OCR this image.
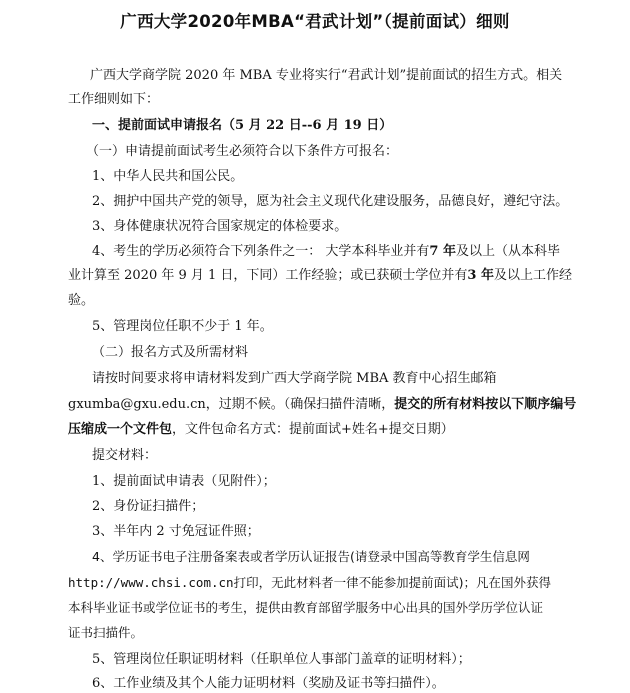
广西大学2020年MBA“君武计划”（提前面试）细则
广西大学商学院 2020 年 MBA 专业将实行“君武计划”提前面试的招生方式。相关
工作细则如下：
一、提前面试申请报名（5 月 22 日--6 月 19 日）
（一）申请提前面试考生必须符合以下条件方可报名：
1、中华人民共和国公民。
2、拥护中国共产党的领导，愿为社会主义现代化建设服务，品德良好，遵纪守法。
3、身体健康状况符合国家规定的体检要求。
4、考生的学历必须符合下列条件之一： 大学本科毕业并有7 年及以上（从本科毕
业计算至 2020 年 9 月 1 日，下同）工作经验；或已获硕士学位并有3 年及以上工作经
验。
5、管理岗位任职不少于 1 年。
（二）报名方式及所需材料
请按时间要求将申请材料发到广西大学商学院 MBA 教育中心招生邮箱
gxumba@gxu.edu.cn，过期不候。（确保扫描件清晰，提交的所有材料按以下顺序编号
压缩成一个文件包，文件包命名方式：提前面试+姓名+提交日期）
提交材料：
1、提前面试申请表（见附件）；
2、身份证扫描件；
3、半年内 2 寸免冠证件照；
4、学历证书电子注册备案表或者学历认证报告(请登录中国高等教育学生信息网
http://www.chsi.com.cn打印，无此材料者一律不能参加提前面试)；凡在国外获得
本科毕业证书或学位证书的考生，提供由教育部留学服务中心出具的国外学历学位认证
证书扫描件。
5、管理岗位任职证明材料（任职单位人事部门盖章的证明材料）；
6、工作业绩及其个人能力证明材料（奖励及证书等扫描件）。
